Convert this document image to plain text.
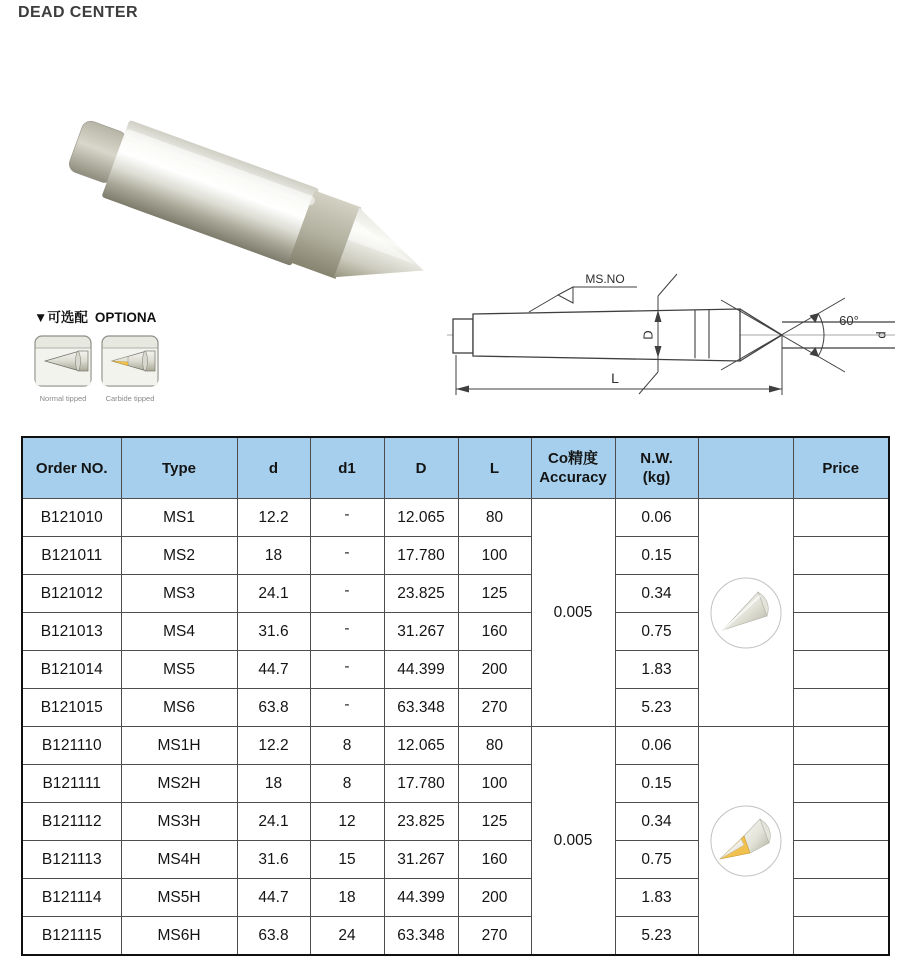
DEAD CENTER
▼可选配 OPTIONA
Normal tipped	Carbide tipped
60°
d
MS.NO
D
L
Order NO.	Type	d	d1	D	L

Co精度
Accuracy

N.W.
(kg)

Price

B121010	MS1	12.2	-	12.065	80	0.005	0.06	

B121011	MS2	18	-	17.780	100		0.15		
B121012	MS3	24.1	-	23.825	125		0.34		
B121013	MS4	31.6	-	31.267	160		0.75		
B121014	MS5	44.7	-	44.399	200		1.83		
B121015	MS6	63.8	-	63.348	270		5.23		
B121110	MS1H	12.2	8	12.065	80	0.005	0.06	

B121111	MS2H	18	8	17.780	100		0.15		
B121112	MS3H	24.1	12	23.825	125		0.34		
B121113	MS4H	31.6	15	31.267	160		0.75		
B121114	MS5H	44.7	18	44.399	200		1.83		
B121115	MS6H	63.8	24	63.348	270		5.23		
